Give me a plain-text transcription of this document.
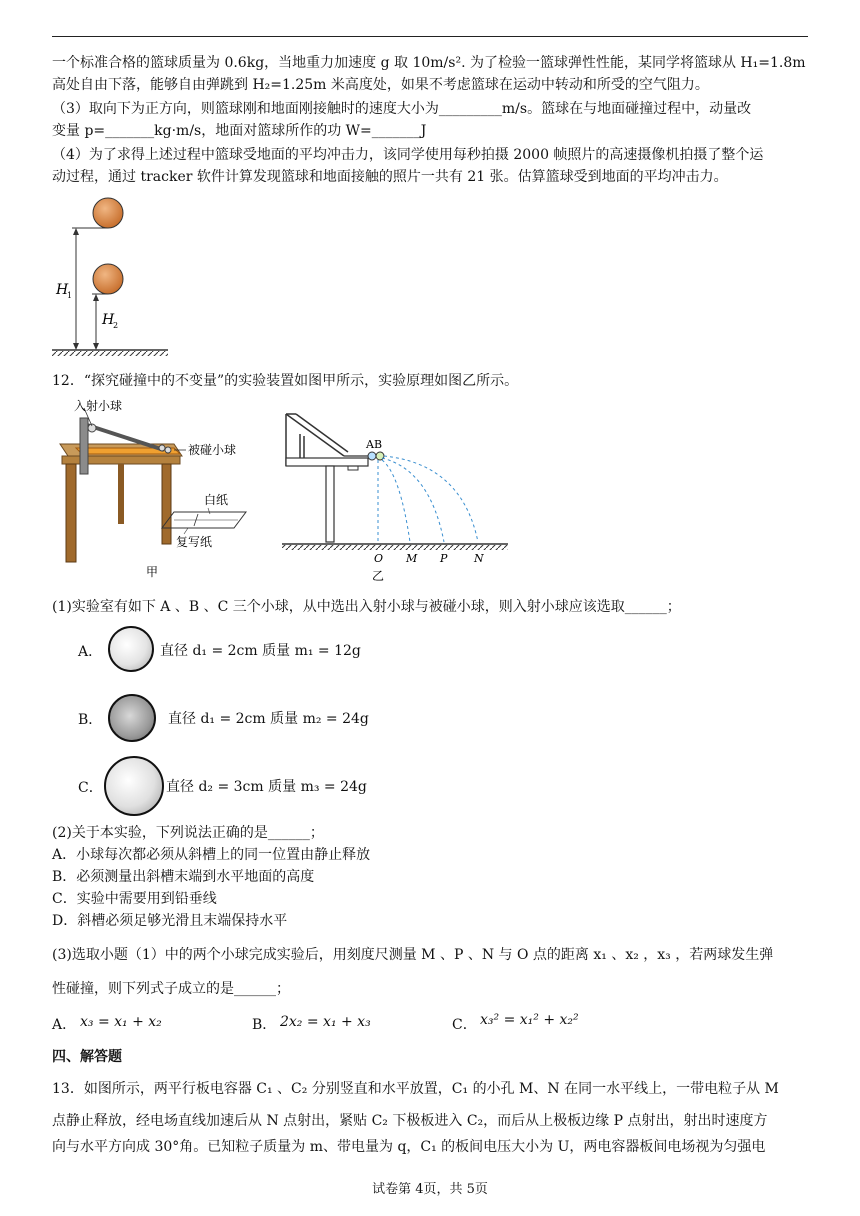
一个标准合格的篮球质量为 0.6kg，当地重力加速度 g 取 10m/s². 为了检验一篮球弹性性能，某同学将篮球从 H₁=1.8m
高处自由下落，能够自由弹跳到 H₂=1.25m 米高度处，如果不考虑篮球在运动中转动和所受的空气阻力。
（3）取向下为正方向，则篮球刚和地面刚接触时的速度大小为_________m/s。篮球在与地面碰撞过程中，动量改
变量 p=_______kg·m/s，地面对篮球所作的功 W=_______J
（4）为了求得上述过程中篮球受地面的平均冲击力，该同学使用每秒拍摄 2000 帧照片的高速摄像机拍摄了整个运
动过程，通过 tracker 软件计算发现篮球和地面接触的照片一共有 21 张。估算篮球受到地面的平均冲击力。
H
1
H
2
12．“探究碰撞中的不变量”的实验装置如图甲所示，实验原理如图乙所示。
入射小球
被碰小球
白纸
复写纸
甲
AB
O M P N
乙
(1)实验室有如下 A 、B 、C 三个小球，从中选出入射小球与被碰小球，则入射小球应该选取______；
A．	直径 d₁ = 2cm 质量 m₁ = 12g
B．	直径 d₁ = 2cm 质量 m₂ = 24g
C．	直径 d₂ = 3cm 质量 m₃ = 24g
(2)关于本实验，下列说法正确的是______；
A．小球每次都必须从斜槽上的同一位置由静止释放
B．必须测量出斜槽末端到水平地面的高度
C．实验中需要用到铅垂线
D．斜槽必须足够光滑且末端保持水平
(3)选取小题（1）中的两个小球完成实验后，用刻度尺测量 M 、P 、N 与 O 点的距离 x₁ 、x₂ ，x₃ ，若两球发生弹
性碰撞，则下列式子成立的是______；
A． x₃ = x₁ + x₂	B． 2x₂ = x₁ + x₃	C． x₃² = x₁² + x₂²
四、解答题
13．如图所示，两平行板电容器 C₁ 、C₂ 分别竖直和水平放置，C₁ 的小孔 M、N 在同一水平线上，一带电粒子从 M
点静止释放，经电场直线加速后从 N 点射出，紧贴 C₂ 下极板进入 C₂，而后从上极板边缘 P 点射出，射出时速度方
向与水平方向成 30°角。已知粒子质量为 m、带电量为 q，C₁ 的板间电压大小为 U，两电容器板间电场视为匀强电
试卷第 4页，共 5页
